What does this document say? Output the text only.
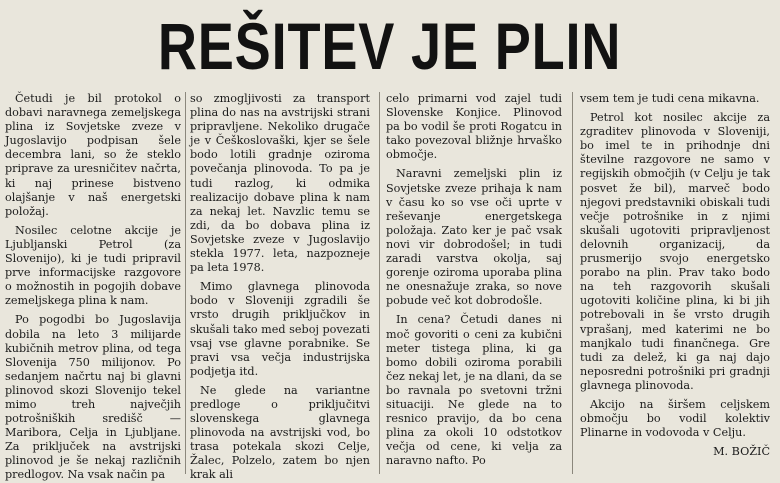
REŠITEV JE PLIN

Četudi je bil protokol o dobavi naravnega zemeljskega plina iz Sovjetske zveze v Jugoslavijo podpisan šele decembra lani, so že steklo priprave za uresničitev načrta, ki naj prinese bistveno olajšanje v naš energetski položaj.

Nosilec celotne akcije je Ljubljanski Petrol (za Slovenijo), ki je tudi pripravil prve informacijske razgovore o možnostih in pogojih dobave zemeljskega plina k nam.

Po pogodbi bo Jugoslavija dobila na leto 3 milijarde kubičnih metrov plina, od tega Slovenija 750 milijonov. Po sedanjem načrtu naj bi glavni plinovod skozi Slovenijo tekel mimo treh največjih potrošniških središč — Maribora, Celja in Ljubljane. Za priključek na avstrijski plinovod je še nekaj različnih predlogov. Na vsak način pa

so zmogljivosti za transport plina do nas na avstrijski strani pripravljene. Nekoliko drugače je v Češkoslovaški, kjer se šele bodo lotili gradnje oziroma povečanja plinovoda. To pa je tudi razlog, ki odmika realizacijo dobave plina k nam za nekaj let. Navzlic temu se zdi, da bo dobava plina iz Sovjetske zveze v Jugoslavijo stekla 1977. leta, nazpozneje pa leta 1978.

Mimo glavnega plinovoda bodo v Sloveniji zgradili še vrsto drugih priključkov in skušali tako med seboj povezati vsaj vse glavne porabnike. Se pravi vsa večja industrijska podjetja itd.

Ne glede na variantne predloge o priključitvi slovenskega glavnega plinovoda na avstrijski vod, bo trasa potekala skozi Celje, Žalec, Polzelo, zatem bo njen krak ali

celo primarni vod zajel tudi Slovenske Konjice. Plinovod pa bo vodil še proti Rogatcu in tako povezoval bližnje hrvaško območje.

Naravni zemeljski plin iz Sovjetske zveze prihaja k nam v času ko so vse oči uprte v reševanje energetskega položaja. Zato ker je pač vsak novi vir dobrodošel; in tudi zaradi varstva okolja, saj gorenje oziroma uporaba plina ne onesnažuje zraka, so nove pobude več kot dobrodošle.

In cena? Četudi danes ni moč govoriti o ceni za kubični meter tistega plina, ki ga bomo dobili oziroma porabili čez nekaj let, je na dlani, da se bo ravnala po svetovni tržni situaciji. Ne glede na to resnico pravijo, da bo cena plina za okoli 10 odstotkov večja od cene, ki velja za naravno nafto. Po

vsem tem je tudi cena mikavna.

Petrol kot nosilec akcije za zgraditev plinovoda v Sloveniji, bo imel te in prihodnje dni številne razgovore ne samo v regijskih območjih (v Celju je tak posvet že bil), marveč bodo njegovi predstavniki obiskali tudi večje potrošnike in z njimi skušali ugotoviti pripravljenost delovnih organizacij, da prusmerijo svojo energetsko porabo na plin. Prav tako bodo na teh razgovorih skušali ugotoviti količine plina, ki bi jih potrebovali in še vrsto drugih vprašanj, med katerimi ne bo manjkalo tudi finančnega. Gre tudi za delež, ki ga naj dajo neposredni potrošniki pri gradnji glavnega plinovoda.

Akcijo na širšem celjskem območju bo vodil kolektiv Plinarne in vodovoda v Celju.

M. BOŽIČ
